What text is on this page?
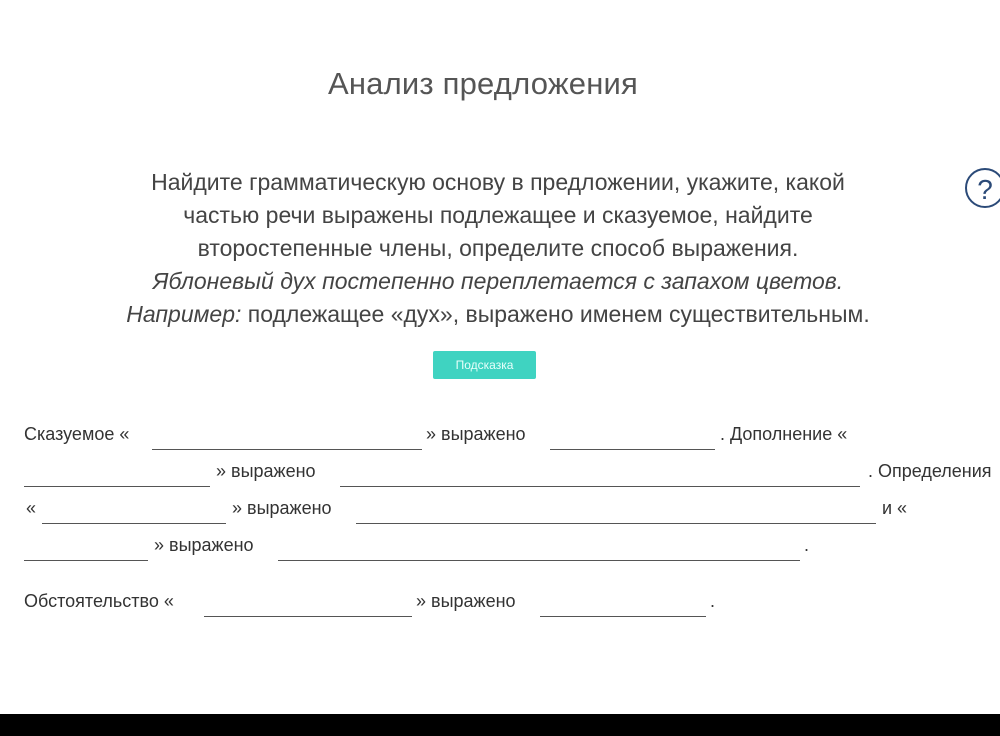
Анализ предложения
?

Найдите грамматическую основу в предложении, укажите, какой

частью речи выражены подлежащее и сказуемое, найдите

второстепенные члены, определите способ выражения.

Яблоневый дух постепенно переплетается с запахом цветов.

Например: подлежащее «дух», выражено именем существительным.

Подсказка
Сказуемое «	» выражено	. Дополнение «
» выражено	. Определения
«	» выражено	и «
» выражено	.
Обстоятельство «	» выражено	.
